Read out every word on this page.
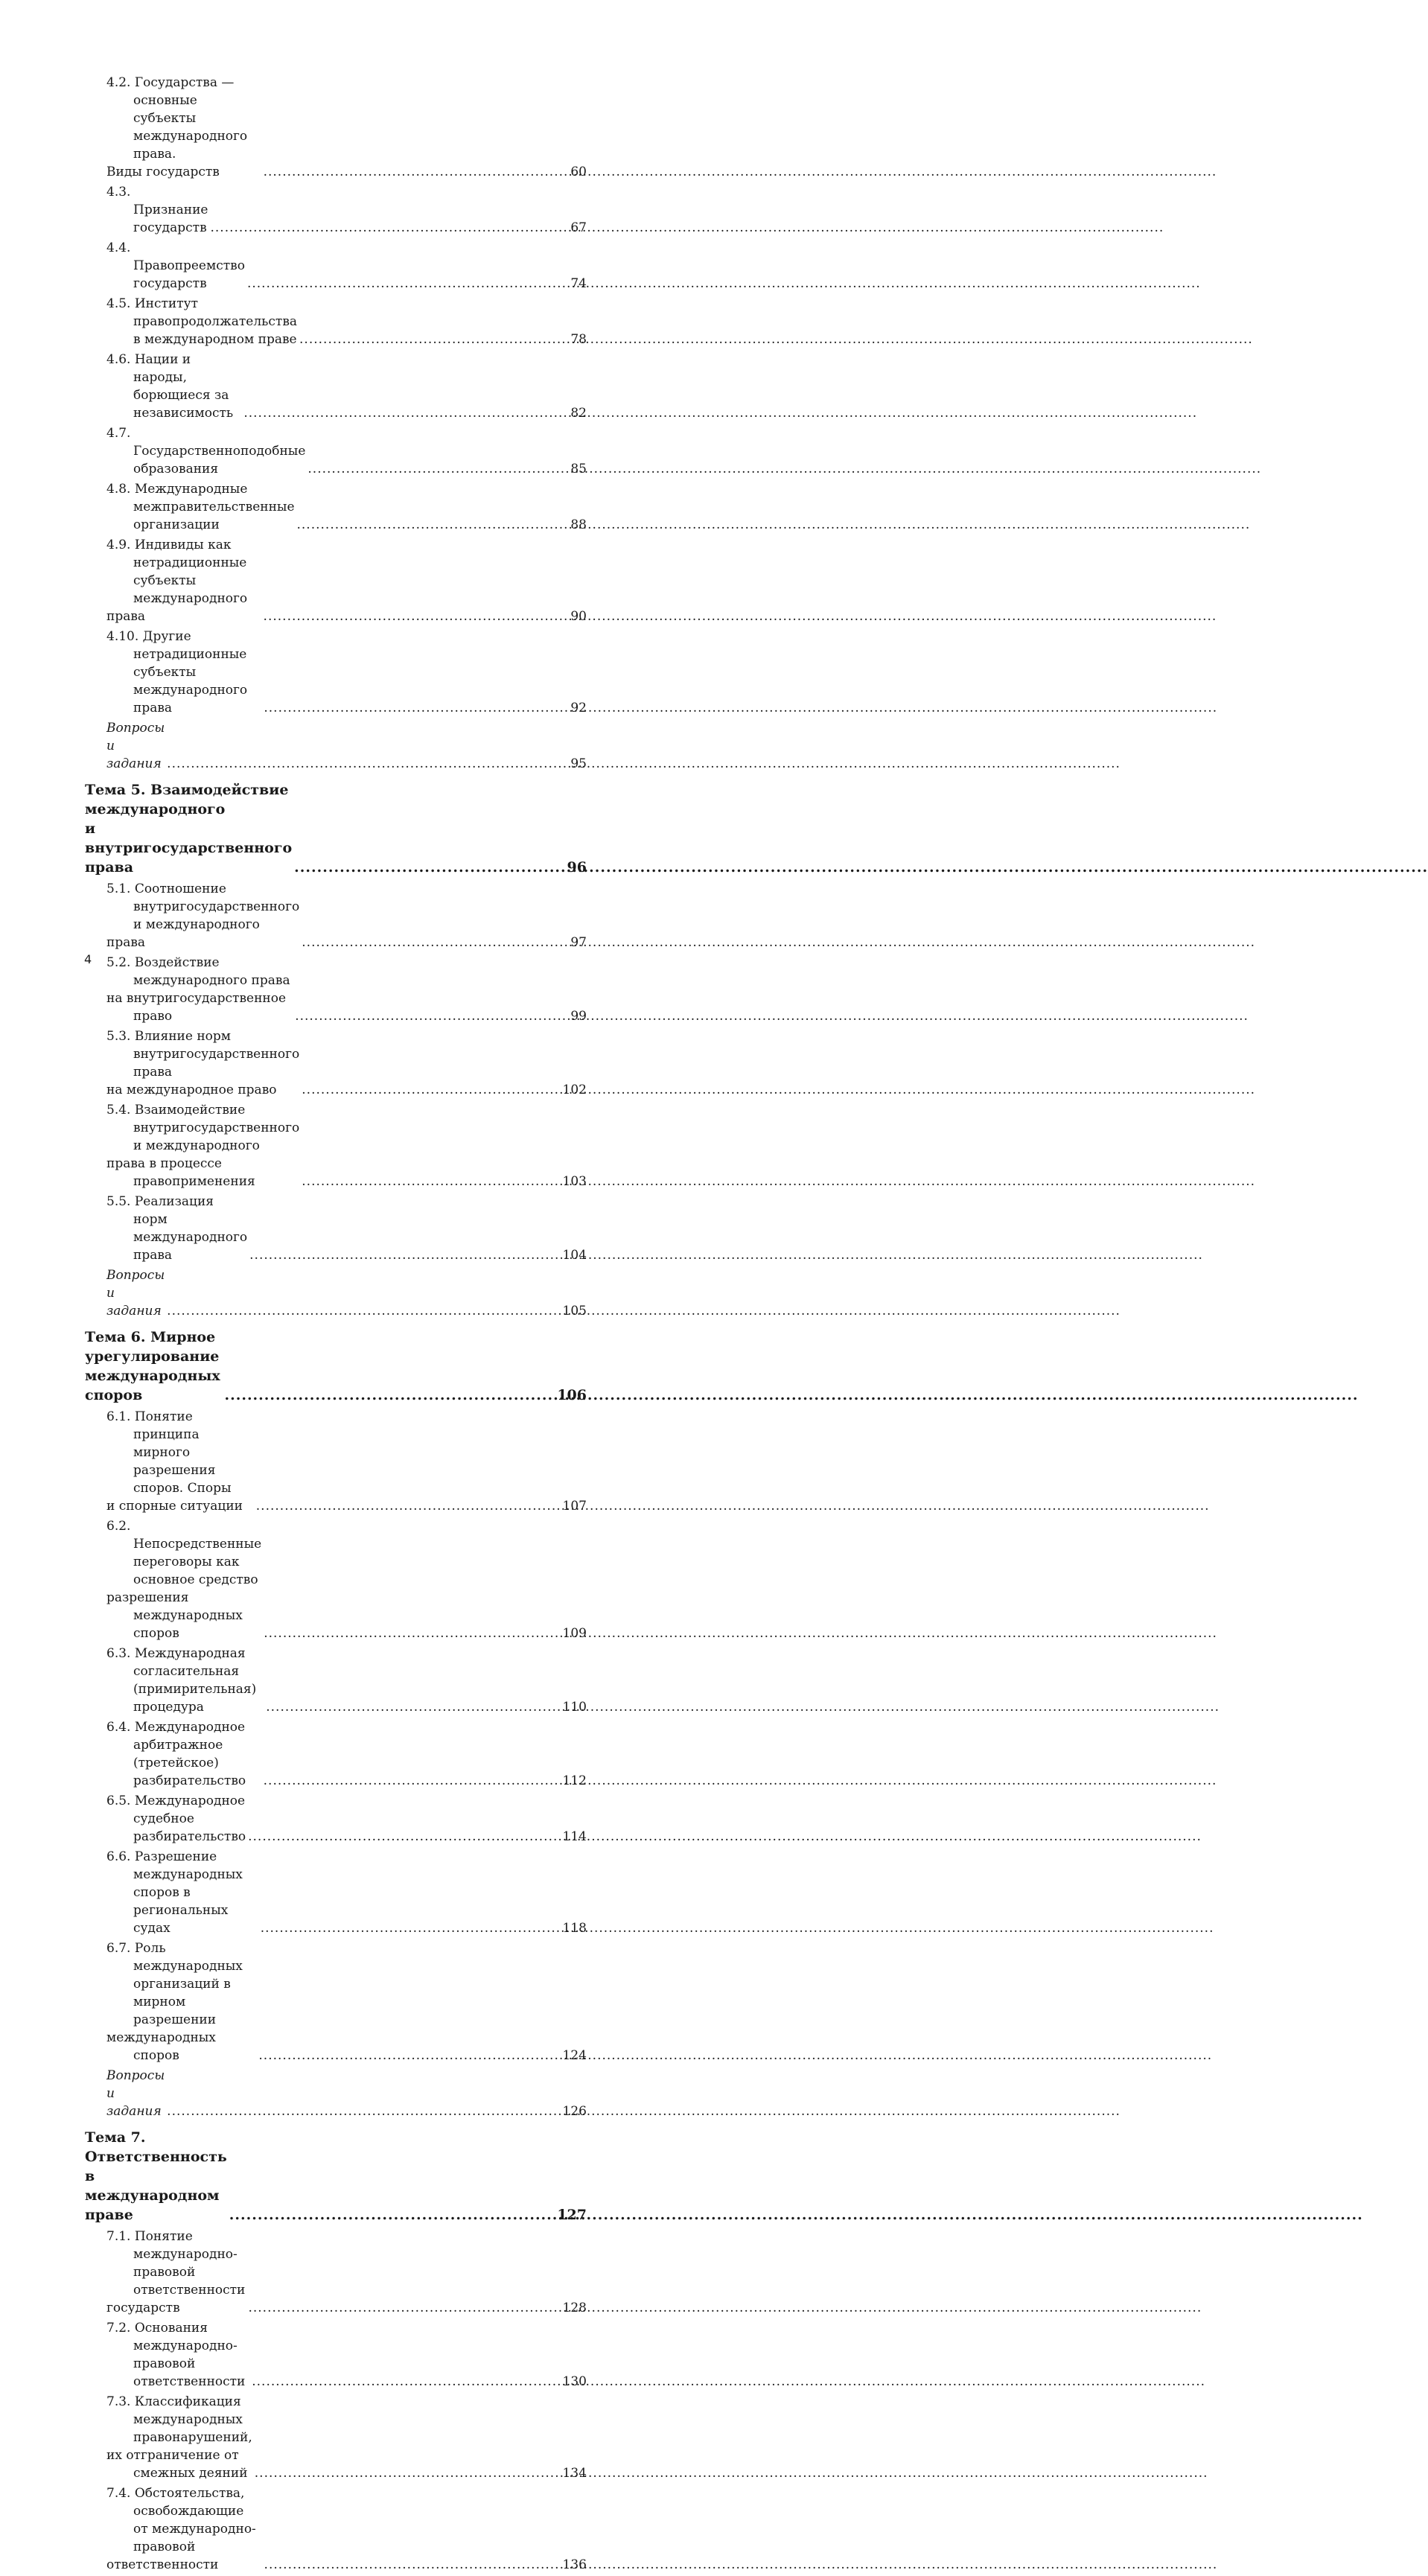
4.2. Государства — основные субъекты международного права.
Виды государств .....	60
4.3. Признание государств .....	67
4.4. Правопреемство государств .....	74
4.5. Институт правопродолжательства в международном праве .....	78
4.6. Нации и народы, борющиеся за независимость .....	82
4.7. Государственноподобные образования .....	85
4.8. Международные межправительственные организации .....	88
4.9. Индивиды как нетрадиционные субъекты международного
права .....	90
4.10. Другие нетрадиционные субъекты международного права .....	92
Вопросы и задания .....	95
Тема 5. Взаимодействие международного
и внутригосударственного права .....	96
5.1. Соотношение внутригосударственного и международного
права .....	97
5.2. Воздействие международного права
на внутригосударственное право .....	99
5.3. Влияние норм внутригосударственного права
на международное право .....	102
5.4. Взаимодействие внутригосударственного и международного
права в процессе правоприменения .....	103
5.5. Реализация норм международного права .....	104
Вопросы и задания .....	105
Тема 6. Мирное урегулирование международных споров .....	106
6.1. Понятие принципа мирного разрешения споров. Споры
и спорные ситуации .....	107
6.2. Непосредственные переговоры как основное средство
разрешения международных споров .....	109
6.3. Международная согласительная (примирительная) процедура .....	110
6.4. Международное арбитражное (третейское) разбирательство .....	112
6.5. Международное судебное разбирательство .....	114
6.6. Разрешение международных споров в региональных судах .....	118
6.7. Роль международных организаций в мирном разрешении
международных споров .....	124
Вопросы и задания .....	126
Тема 7. Ответственность в международном праве .....	127
7.1. Понятие международно-правовой ответственности
государств .....	128
7.2. Основания международно-правовой ответственности .....	130
7.3. Классификация международных правонарушений,
их отграничение от смежных деяний .....	134
7.4. Обстоятельства, освобождающие от международно-правовой
ответственности .....	136
4
